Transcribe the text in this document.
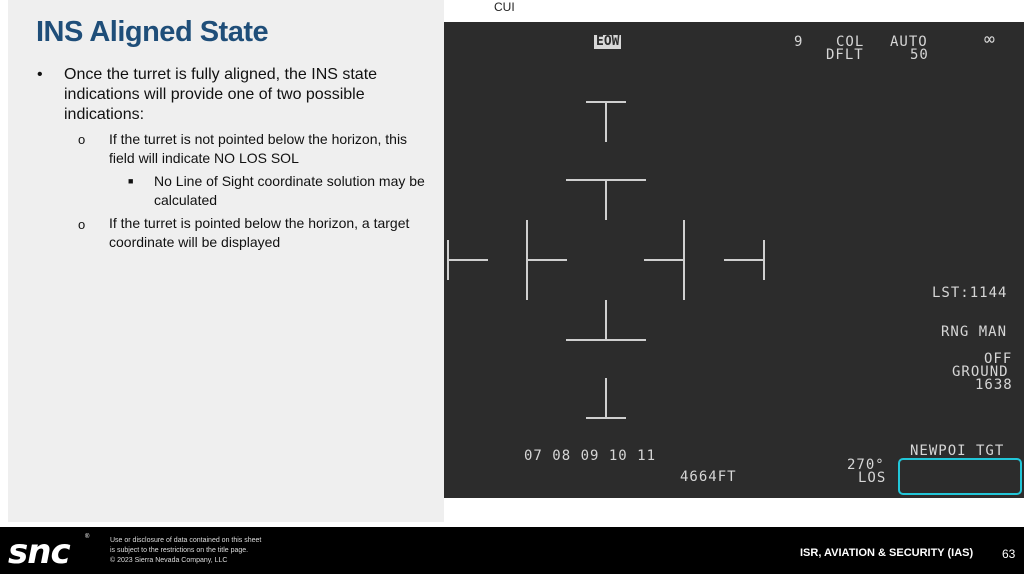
INS Aligned State
• Once the turret is fully aligned, the INS state indications will provide one of two possible indications:
o If the turret is not pointed below the horizon, this field will indicate NO LOS SOL
■ No Line of Sight coordinate solution may be calculated
o If the turret is pointed below the horizon, a target coordinate will be displayed
CUI
EOW	9 COL AUTO	∞
DFLT	50
LST:1144
RNG MAN
OFF
GROUND
1638
NEWPOI TGT
07 08 09 10 11
4664FT
270°
LOS
snc	®	Use or disclosure of data contained on this sheet
is subject to the restrictions on the title page.
© 2023 Sierra Nevada Company, LLC
ISR, AVIATION & SECURITY (IAS) 63
